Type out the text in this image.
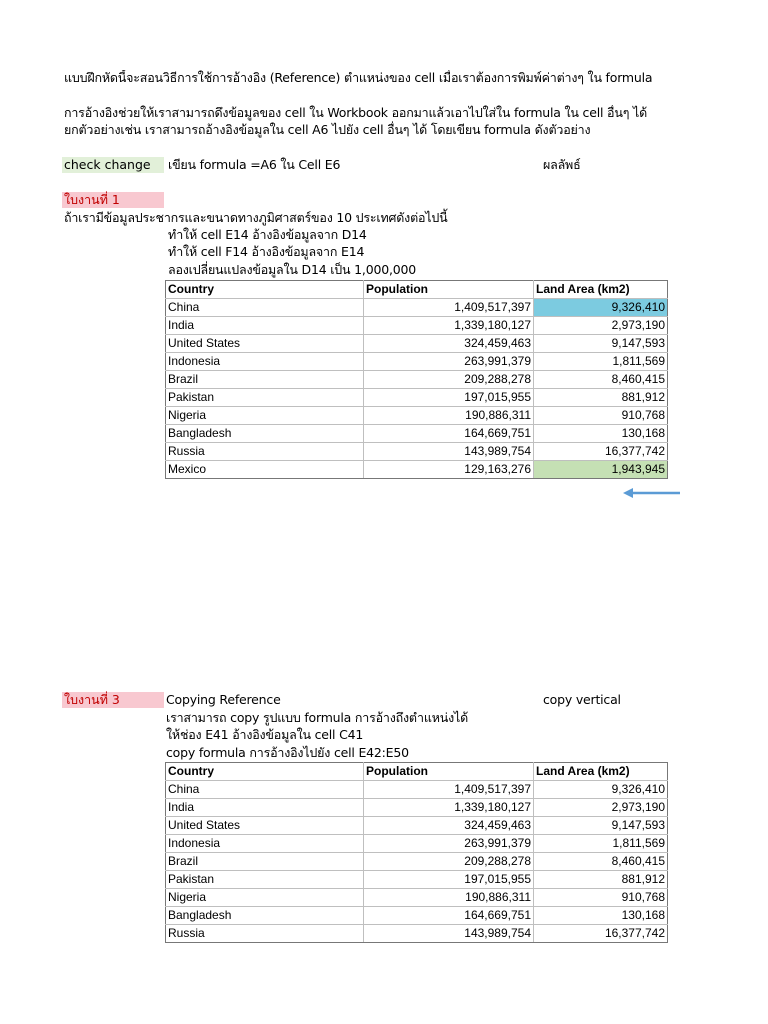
แบบฝึกหัดนี้จะสอนวิธีการใช้การอ้างอิง (Reference) ตำแหน่งของ cell เมื่อเราต้องการพิมพ์ค่าต่างๆ ใน formula
การอ้างอิงช่วยให้เราสามารถดึงข้อมูลของ cell ใน Workbook ออกมาแล้วเอาไปใส่ใน formula ใน cell อื่นๆ ได้
ยกตัวอย่างเช่น เราสามารถอ้างอิงข้อมูลใน cell A6 ไปยัง cell อื่นๆ ได้ โดยเขียน formula ดังตัวอย่าง
check change	เขียน formula =A6 ใน Cell E6	ผลลัพธ์
ใบงานที่ 1
ถ้าเรามีข้อมูลประชากรและขนาดทางภูมิศาสตร์ของ 10 ประเทศดังต่อไปนี้
ทำให้ cell E14 อ้างอิงข้อมูลจาก D14
ทำให้ cell F14 อ้างอิงข้อมูลจาก E14
ลองเปลี่ยนแปลงข้อมูลใน D14 เป็น 1,000,000
Country	Population	Land Area (km2)
China	1,409,517,397	9,326,410
India	1,339,180,127	2,973,190
United States	324,459,463	9,147,593
Indonesia	263,991,379	1,811,569
Brazil	209,288,278	8,460,415
Pakistan	197,015,955	881,912
Nigeria	190,886,311	910,768
Bangladesh	164,669,751	130,168
Russia	143,989,754	16,377,742
Mexico	129,163,276	1,943,945
ใบงานที่ 3	Copying Reference	copy vertical
เราสามารถ copy รูปแบบ formula การอ้างถึงตำแหน่งได้
ให้ช่อง E41 อ้างอิงข้อมูลใน cell C41
copy formula การอ้างอิงไปยัง cell E42:E50
Country	Population	Land Area (km2)
China	1,409,517,397	9,326,410
India	1,339,180,127	2,973,190
United States	324,459,463	9,147,593
Indonesia	263,991,379	1,811,569
Brazil	209,288,278	8,460,415
Pakistan	197,015,955	881,912
Nigeria	190,886,311	910,768
Bangladesh	164,669,751	130,168
Russia	143,989,754	16,377,742
